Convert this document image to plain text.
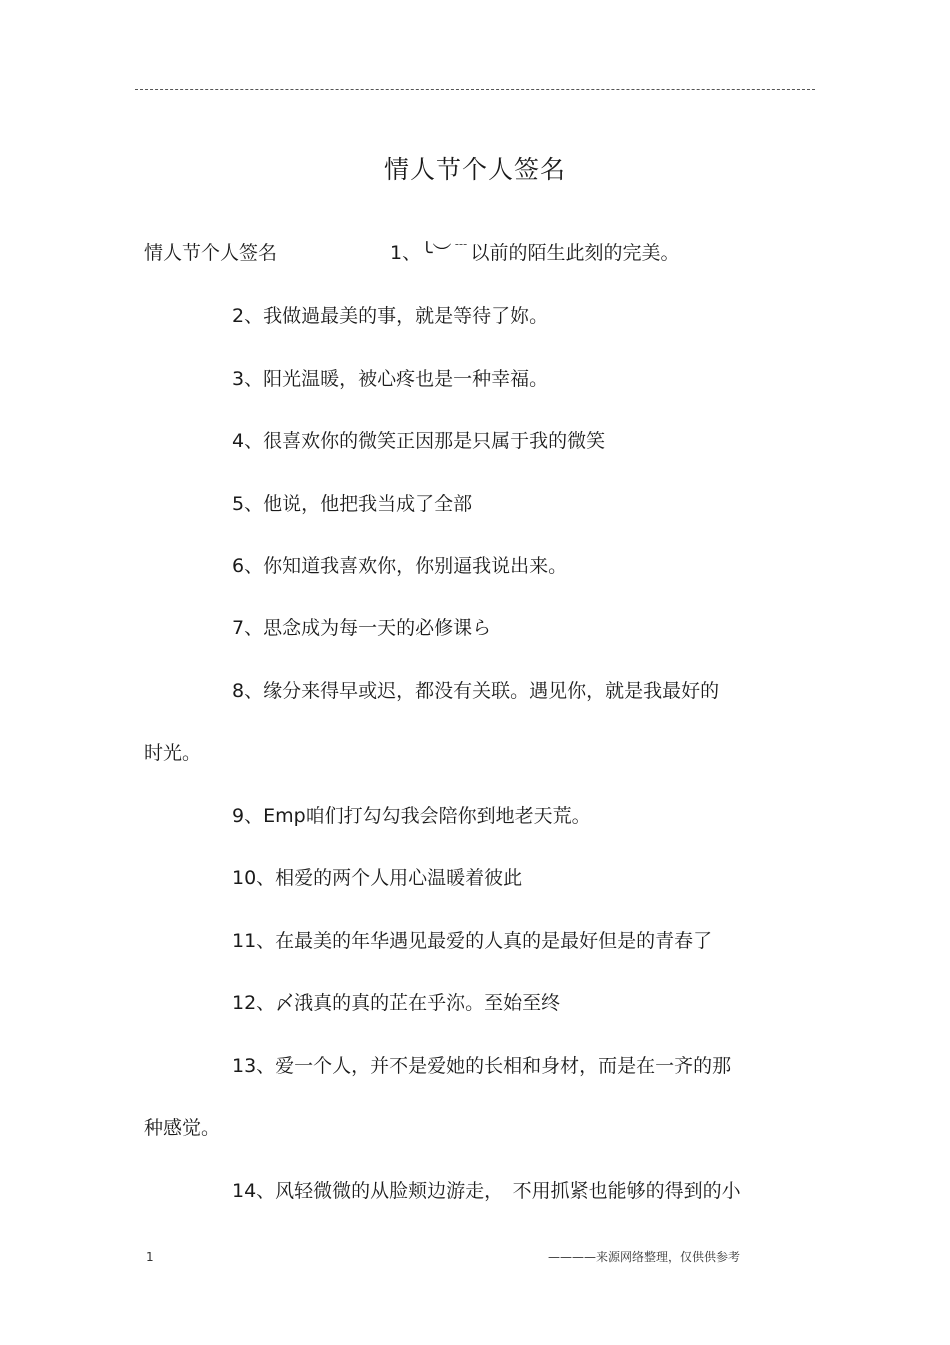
情人节个人签名
情人节个人签名	1、╰︶﹉以前的陌生此刻的完美。
2、我做過最美的事，就是等待了妳。
3、阳光温暖，被心疼也是一种幸福。
4、很喜欢你的微笑正因那是只属于我的微笑
5、他说，他把我当成了全部
6、你知道我喜欢你，你别逼我说出来。
7、思念成为每一天的必修课ら
8、缘分来得早或迟，都没有关联。遇见你，就是我最好的
时光。
9、Emp咱们打勾勾我会陪你到地老天荒。
10、相爱的两个人用心温暖着彼此
11、在最美的年华遇见最爱的人真的是最好但是的青春了
12、〆涐真的真的芷在乎沵。至始至终
13、爱一个人，并不是爱她的长相和身材，而是在一齐的那
种感觉。
14、风轻微微的从脸颊边游走，　不用抓紧也能够的得到的小
1	————来源网络整理，仅供供参考
